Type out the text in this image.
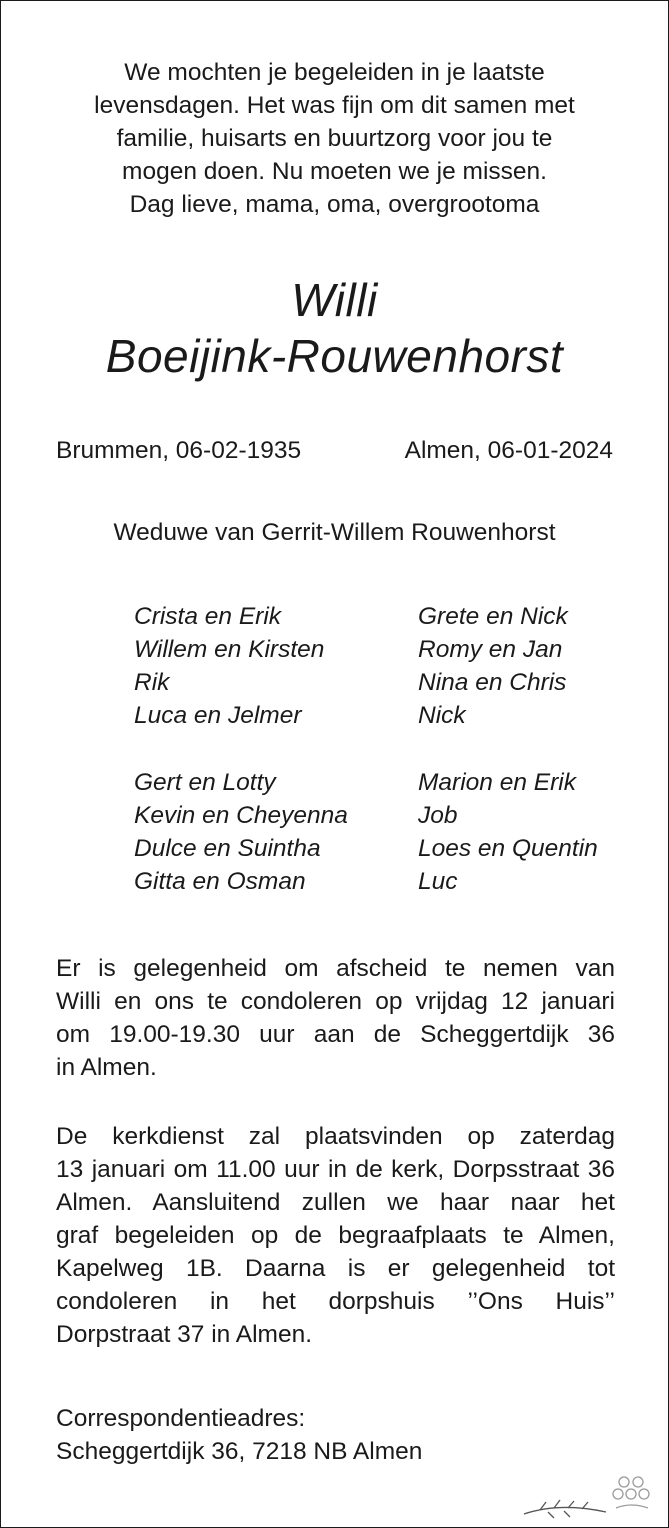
We mochten je begeleiden in je laatste
levensdagen. Het was fijn om dit samen met
familie, huisarts en buurtzorg voor jou te
mogen doen. Nu moeten we je missen.
Dag lieve, mama, oma, overgrootoma
Willi
Boeijink-Rouwenhorst
Brummen, 06-02-1935	Almen, 06-01-2024
Weduwe van Gerrit-Willem Rouwenhorst
Crista en Erik
Willem en Kirsten
Rik
Luca en Jelmer
Gert en Lotty
Kevin en Cheyenna
Dulce en Suintha
Gitta en Osman
Grete en Nick
Romy en Jan
Nina en Chris
Nick
Marion en Erik
Job
Loes en Quentin
Luc
Er is gelegenheid om afscheid te nemen van
Willi en ons te condoleren op vrijdag 12 januari
om 19.00-19.30 uur aan de Scheggertdijk 36
in Almen.
De kerkdienst zal plaatsvinden op zaterdag
13 januari om 11.00 uur in de kerk, Dorpsstraat 36
Almen. Aansluitend zullen we haar naar het
graf begeleiden op de begraafplaats te Almen,
Kapelweg 1B. Daarna is er gelegenheid tot
condoleren in het dorpshuis ’’Ons Huis’’
Dorpstraat 37 in Almen.
Correspondentieadres:
Scheggertdijk 36, 7218 NB Almen
